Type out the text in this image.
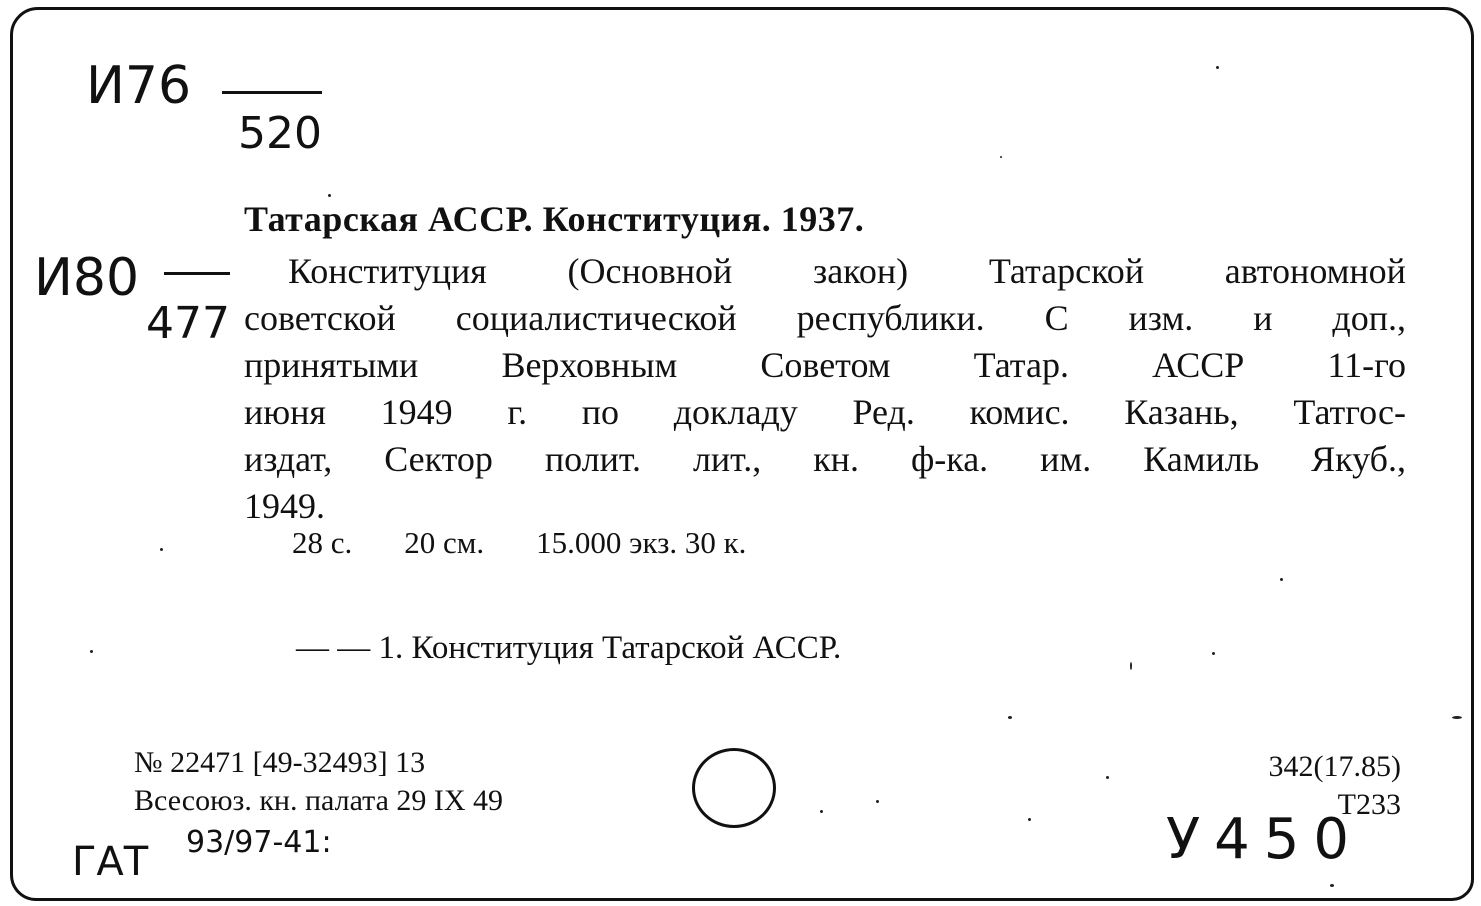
И76
520
И80
477
Татарская АССР. Конституция. 1937.
Конституция (Основной закон) Татарской автономной
советской социалистической республики. С изм. и доп.,
принятыми Верховным Советом Татар. АССР 11-го
июня 1949 г. по докладу Ред. комис. Казань, Татгос-
издат, Сектор полит. лит., кн. ф-ка. им. Камиль Якуб.,
1949.
28 с. 20 см. 15.000 экз. 30 к.
— — 1. Конституция Татарской АССР.
№ 22471 [49-32493] 13
Всесоюз. кн. палата 29 IX 49
342(17.85)
Т233
ГАТ 93/97-41:	У450
